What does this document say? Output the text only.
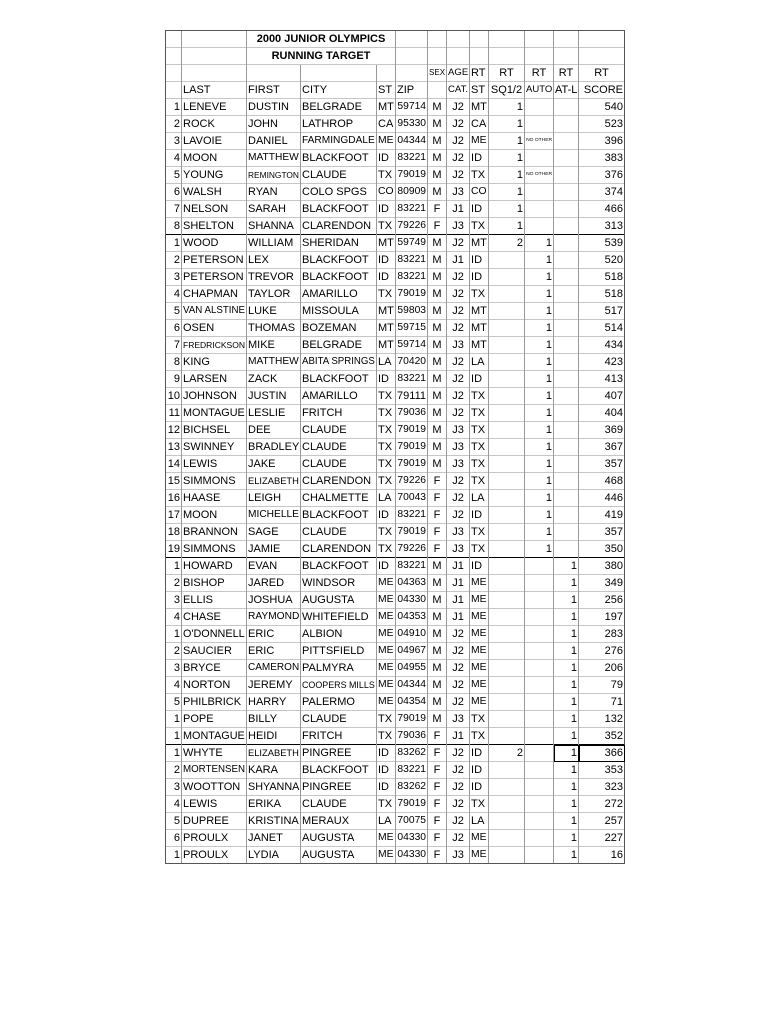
		2000 JUNIOR OLYMPICS										
		RUNNING TARGET										
						SEX	AGE	RT	RT	RT	RT	RT
	LAST	FIRST	CITY	ST	ZIP		CAT.	ST	SQ1/2	AUTO	AT-L	SCORE
1	LENEVE	DUSTIN	BELGRADE	MT	59714	M	J2	MT	1			540
2	ROCK	JOHN	LATHROP	CA	95330	M	J2	CA	1			523
3	LAVOIE	DANIEL	FARMINGDALE	ME	04344	M	J2	ME	1	NO OTHER		396
4	MOON	MATTHEW	BLACKFOOT	ID	83221	M	J2	ID	1			383
5	YOUNG	REMINGTON	CLAUDE	TX	79019	M	J2	TX	1	NO OTHER		376
6	WALSH	RYAN	COLO SPGS	CO	80909	M	J3	CO	1			374
7	NELSON	SARAH	BLACKFOOT	ID	83221	F	J1	ID	1			466
8	SHELTON	SHANNA	CLARENDON	TX	79226	F	J3	TX	1			313
1	WOOD	WILLIAM	SHERIDAN	MT	59749	M	J2	MT	2	1		539
2	PETERSON	LEX	BLACKFOOT	ID	83221	M	J1	ID		1		520
3	PETERSON	TREVOR	BLACKFOOT	ID	83221	M	J2	ID		1		518
4	CHAPMAN	TAYLOR	AMARILLO	TX	79019	M	J2	TX		1		518
5	VAN ALSTINE	LUKE	MISSOULA	MT	59803	M	J2	MT		1		517
6	OSEN	THOMAS	BOZEMAN	MT	59715	M	J2	MT		1		514
7	FREDRICKSON	MIKE	BELGRADE	MT	59714	M	J3	MT		1		434
8	KING	MATTHEW	ABITA SPRINGS	LA	70420	M	J2	LA		1		423
9	LARSEN	ZACK	BLACKFOOT	ID	83221	M	J2	ID		1		413
10	JOHNSON	JUSTIN	AMARILLO	TX	79111	M	J2	TX		1		407
11	MONTAGUE	LESLIE	FRITCH	TX	79036	M	J2	TX		1		404
12	BICHSEL	DEE	CLAUDE	TX	79019	M	J3	TX		1		369
13	SWINNEY	BRADLEY	CLAUDE	TX	79019	M	J3	TX		1		367
14	LEWIS	JAKE	CLAUDE	TX	79019	M	J3	TX		1		357
15	SIMMONS	ELIZABETH	CLARENDON	TX	79226	F	J2	TX		1		468
16	HAASE	LEIGH	CHALMETTE	LA	70043	F	J2	LA		1		446
17	MOON	MICHELLE	BLACKFOOT	ID	83221	F	J2	ID		1		419
18	BRANNON	SAGE	CLAUDE	TX	79019	F	J3	TX		1		357
19	SIMMONS	JAMIE	CLARENDON	TX	79226	F	J3	TX		1		350
1	HOWARD	EVAN	BLACKFOOT	ID	83221	M	J1	ID			1	380
2	BISHOP	JARED	WINDSOR	ME	04363	M	J1	ME			1	349
3	ELLIS	JOSHUA	AUGUSTA	ME	04330	M	J1	ME			1	256
4	CHASE	RAYMOND	WHITEFIELD	ME	04353	M	J1	ME			1	197
1	O'DONNELL	ERIC	ALBION	ME	04910	M	J2	ME			1	283
2	SAUCIER	ERIC	PITTSFIELD	ME	04967	M	J2	ME			1	276
3	BRYCE	CAMERON	PALMYRA	ME	04955	M	J2	ME			1	206
4	NORTON	JEREMY	COOPERS MILLS	ME	04344	M	J2	ME			1	79
5	PHILBRICK	HARRY	PALERMO	ME	04354	M	J2	ME			1	71
1	POPE	BILLY	CLAUDE	TX	79019	M	J3	TX			1	132
1	MONTAGUE	HEIDI	FRITCH	TX	79036	F	J1	TX			1	352
1	WHYTE	ELIZABETH	PINGREE	ID	83262	F	J2	ID	2		1	366
2	MORTENSEN	KARA	BLACKFOOT	ID	83221	F	J2	ID			1	353
3	WOOTTON	SHYANNA	PINGREE	ID	83262	F	J2	ID			1	323
4	LEWIS	ERIKA	CLAUDE	TX	79019	F	J2	TX			1	272
5	DUPREE	KRISTINA	MERAUX	LA	70075	F	J2	LA			1	257
6	PROULX	JANET	AUGUSTA	ME	04330	F	J2	ME			1	227
1	PROULX	LYDIA	AUGUSTA	ME	04330	F	J3	ME			1	16
